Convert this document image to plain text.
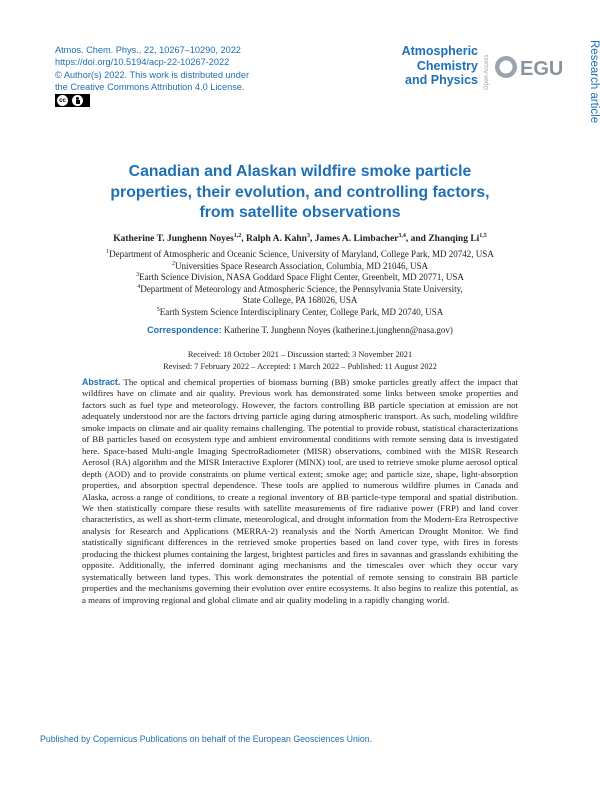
Atmos. Chem. Phys., 22, 10267–10290, 2022
https://doi.org/10.5194/acp-22-10267-2022
© Author(s) 2022. This work is distributed under
the Creative Commons Attribution 4.0 License.
cc
Atmospheric
Chemistry
and Physics Open Access EGU Research article
Canadian and Alaskan wildfire smoke particle
properties, their evolution, and controlling factors,
from satellite observations
Katherine T. Junghenn Noyes$^{1,2}$, Ralph A. Kahn$^3$, James A. Limbacher$^{3,4}$, and Zhanqing Li$^{1,5}$
$^1$Department of Atmospheric and Oceanic Science, University of Maryland, College Park, MD 20742, USA
$^2$Universities Space Research Association, Columbia, MD 21046, USA
$^3$Earth Science Division, NASA Goddard Space Flight Center, Greenbelt, MD 20771, USA
$^4$Department of Meteorology and Atmospheric Science, the Pennsylvania State University,
State College, PA 168026, USA
$^5$Earth System Science Interdisciplinary Center, College Park, MD 20740, USA
Correspondence: Katherine T. Junghenn Noyes (katherine.t.junghenn@nasa.gov)
Received: 18 October 2021 – Discussion started: 3 November 2021
Revised: 7 February 2022 – Accepted: 1 March 2022 – Published: 11 August 2022
Abstract. The optical and chemical properties of biomass burning (BB) smoke particles greatly affect the impact that wildfires have on climate and air quality. Previous work has demonstrated some links between smoke properties and factors such as fuel type and meteorology. However, the factors controlling BB particle speciation at emission are not adequately understood nor are the factors driving particle aging during atmospheric transport. As such, modeling wildfire smoke impacts on climate and air quality remains challenging. The potential to provide robust, statistical characterizations of BB particles based on ecosystem type and ambient environmental conditions with remote sensing data is investigated here. Space-based Multi-angle Imaging SpectroRadiometer (MISR) observations, combined with the MISR Research Aerosol (RA) algorithm and the MISR Interactive Explorer (MINX) tool, are used to retrieve smoke plume aerosol optical depth (AOD) and to provide constraints on plume vertical extent; smoke age; and particle size, shape, light-absorption properties, and absorption spectral dependence. These tools are applied to numerous wildfire plumes in Canada and Alaska, across a range of conditions, to create a regional inventory of BB particle-type temporal and spatial distribution. We then statistically compare these results with satellite measurements of fire radiative power (FRP) and land cover characteristics, as well as short-term climate, meteorological, and drought information from the Modern-Era Retrospective analysis for Research and Applications (MERRA-2) reanalysis and the North American Drought Monitor. We find statistically significant differences in the retrieved smoke properties based on land cover type, with fires in forests producing the thickest plumes containing the largest, brightest particles and fires in savannas and grasslands exhibiting the opposite. Additionally, the inferred dominant aging mechanisms and the timescales over which they occur vary systematically between land types. This work demonstrates the potential of remote sensing to constrain BB particle properties and the mechanisms governing their evolution over entire ecosystems. It also begins to realize this potential, as a means of improving regional and global climate and air quality modeling in a rapidly changing world.
Published by Copernicus Publications on behalf of the European Geosciences Union.
